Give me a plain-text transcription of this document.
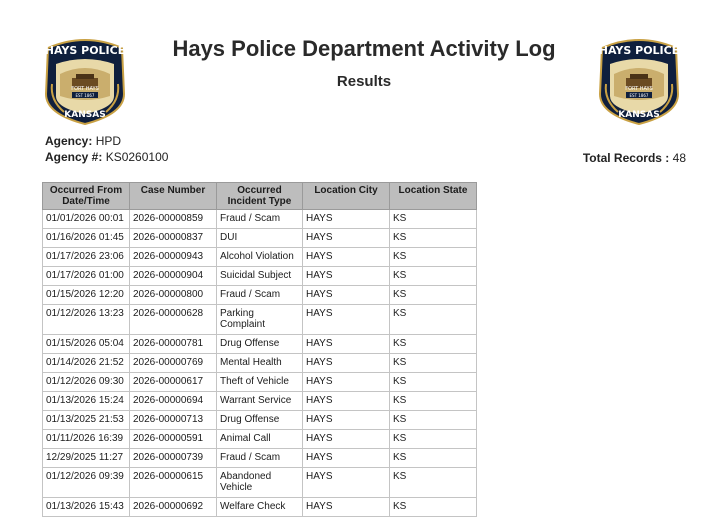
HAYS POLICE
FORT HAYS
EST 1867
KANSAS
HAYS POLICE
FORT HAYS
EST 1867
KANSAS
Hays Police Department Activity Log
Results
Agency: HPD
Agency #: KS0260100	Total Records : 48
Occurred From Date/Time	Case Number	Occurred Incident Type	Location City	Location State
01/01/2026 00:01	2026-00000859	Fraud / Scam	HAYS	KS
01/16/2026 01:45	2026-00000837	DUI	HAYS	KS
01/17/2026 23:06	2026-00000943	Alcohol Violation	HAYS	KS
01/17/2026 01:00	2026-00000904	Suicidal Subject	HAYS	KS
01/15/2026 12:20	2026-00000800	Fraud / Scam	HAYS	KS
01/12/2026 13:23	2026-00000628	Parking Complaint	HAYS	KS
01/15/2026 05:04	2026-00000781	Drug Offense	HAYS	KS
01/14/2026 21:52	2026-00000769	Mental Health	HAYS	KS
01/12/2026 09:30	2026-00000617	Theft of Vehicle	HAYS	KS
01/13/2026 15:24	2026-00000694	Warrant Service	HAYS	KS
01/13/2025 21:53	2026-00000713	Drug Offense	HAYS	KS
01/11/2026 16:39	2026-00000591	Animal Call	HAYS	KS
12/29/2025 11:27	2026-00000739	Fraud / Scam	HAYS	KS
01/12/2026 09:39	2026-00000615	Abandoned Vehicle	HAYS	KS
01/13/2026 15:43	2026-00000692	Welfare Check	HAYS	KS
